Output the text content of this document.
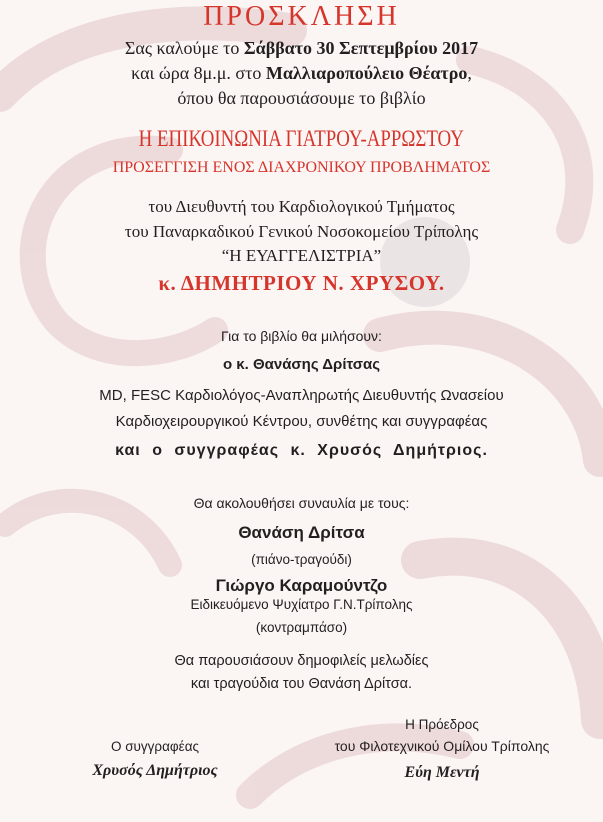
ΠΡΟΣΚΛΗΣΗ
Σας καλούμε το Σάββατο 30 Σεπτεμβρίου 2017
και ώρα 8μ.μ. στο Μαλλιαροπούλειο Θέατρο,
όπου θα παρουσιάσουμε το βιβλίο
Η ΕΠΙΚΟΙΝΩΝΙΑ ΓΙΑΤΡΟΥ-ΑΡΡΩΣΤΟΥ
ΠΡΟΣΕΓΓΙΣΗ ΕΝΟΣ ΔΙΑΧΡΟΝΙΚΟΥ ΠΡΟΒΛΗΜΑΤΟΣ
του Διευθυντή του Καρδιολογικού Τμήματος
του Παναρκαδικού Γενικού Νοσοκομείου Τρίπολης
“Η ΕΥΑΓΓΕΛΙΣΤΡΙΑ”
κ. ΔΗΜΗΤΡΙΟΥ Ν. ΧΡΥΣΟΥ.
Για το βιβλίο θα μιλήσουν:
ο κ. Θανάσης Δρίτσας
MD, FESC Καρδιολόγος-Αναπληρωτής Διευθυντής Ωνασείου
Καρδιοχειρουργικού Κέντρου, συνθέτης και συγγραφέας
και ο συγγραφέας κ. Χρυσός Δημήτριος.
Θα ακολουθήσει συναυλία με τους:
Θανάση Δρίτσα
(πιάνο-τραγούδι)
Γιώργο Καραμούντζο
Ειδικευόμενο Ψυχίατρο Γ.Ν.Τρίπολης
(κοντραμπάσο)
Θα παρουσιάσουν δημοφιλείς μελωδίες
και τραγούδια του Θανάση Δρίτσα.
Ο συγγραφέας
Χρυσός Δημήτριος
Η Πρόεδρος
του Φιλοτεχνικού Ομίλου Τρίπολης
Εύη Μεντή
